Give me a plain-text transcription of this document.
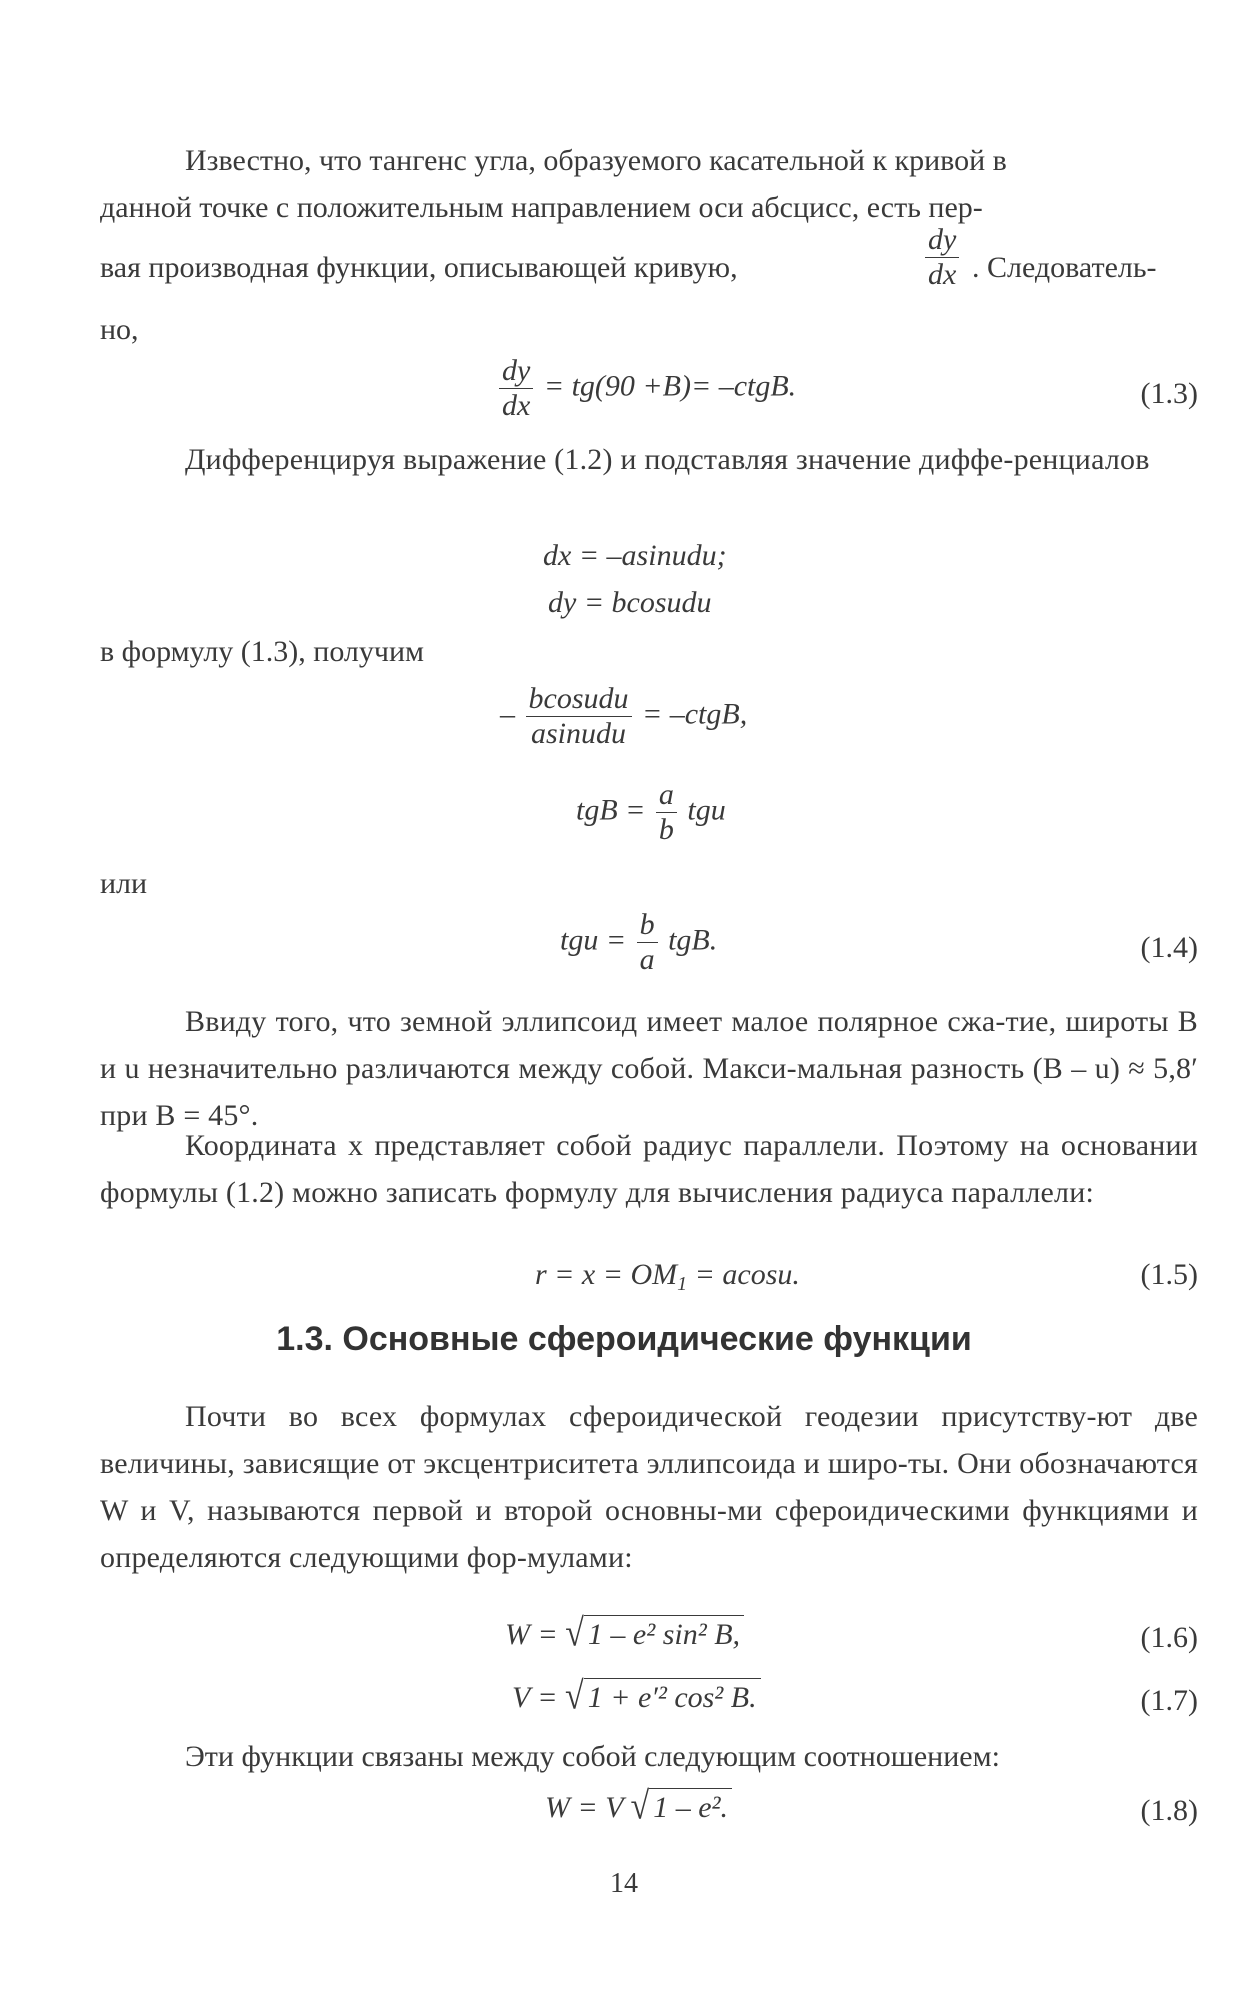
Известно, что тангенс угла, образуемого касательной к кривой в

данной точке с положительным направлением оси абсцисс, есть пер-

вая производная функции, описывающей кривую,	$\frac{dy}{dx}$ . Следователь-

но,

$\frac{dy}{dx} = tg(90 +B)=$ –ctgB.	(1.3)

Дифференцируя выражение (1.2) и подставляя значение диффе-ренциалов

dx = –asinudu;
dy = bcosudu

в формулу (1.3), получим

– $\frac{\text{bcosudu}}{\text{asinudu}}$ = –ctgB,
tgB = $\frac{a}{b}$ tgu

или

tgu = $\frac{b}{a}$ tgB.	(1.4)

Ввиду того, что земной эллипсоид имеет малое полярное сжа-тие, широты B и u незначительно различаются между собой. Макси-мальная разность (B – u) ≈ 5,8′ при B = 45°.

Координата x представляет собой радиус параллели. Поэтому на основании формулы (1.2) можно записать формулу для вычисления радиуса параллели:

$r = x = OM_1 = acosu$.	(1.5)
1.3. Основные сфероидические функции

Почти во всех формулах сфероидической геодезии присутству-ют две величины, зависящие от эксцентриситета эллипсоида и широ-ты. Они обозначаются W и V, называются первой и второй основны-ми сфероидическими функциями и определяются следующими фор-мулами:

W = √ 1 – e² sin² B,	(1.6)
V = √ 1 + e′² cos² B.	(1.7)

Эти функции связаны между собой следующим соотношением:

W = V √ 1 – e².	(1.8)
14
